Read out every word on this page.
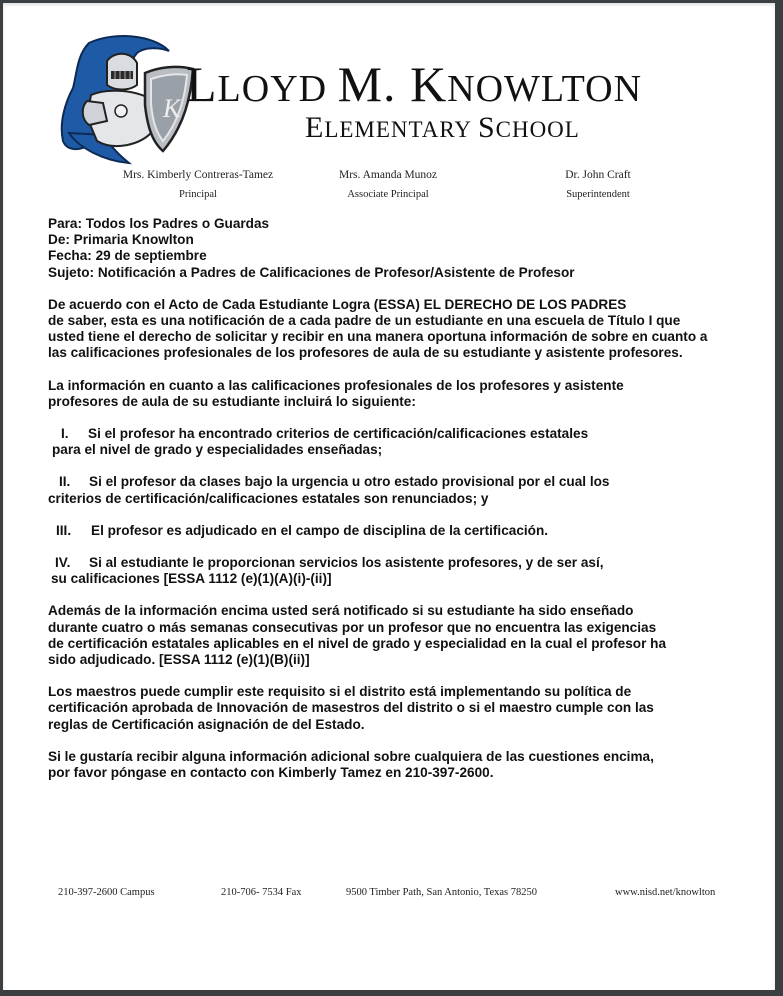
K LLOYD M. KNOWLTON
ELEMENTARY SCHOOL
Mrs. Kimberly Contreras-Tamez
Principal
Mrs. Amanda Munoz
Associate Principal
Dr. John Craft
Superintendent

Para: Todos los Padres o Guardas

De: Primaria Knowlton

Fecha: 29 de septiembre

Sujeto: Notificación a Padres de Calificaciones de Profesor/Asistente de Profesor

De acuerdo con el Acto de Cada Estudiante Logra (ESSA) EL DERECHO DE LOS PADRES

de saber, esta es una notificación de a cada padre de un estudiante en una escuela de Título I que

usted tiene el derecho de solicitar y recibir en una manera oportuna información de sobre en cuanto a

las calificaciones profesionales de los profesores de aula de su estudiante y asistente profesores.

La información en cuanto a las calificaciones profesionales de los profesores y asistente

profesores de aula de su estudiante incluirá lo siguiente:

I. Si el profesor ha encontrado criterios de certificación/calificaciones estatales

para el nivel de grado y especialidades enseñadas;

II. Si el profesor da clases bajo la urgencia u otro estado provisional por el cual los

criterios de certificación/calificaciones estatales son renunciados; y

III. El profesor es adjudicado en el campo de disciplina de la certificación.

IV. Si al estudiante le proporcionan servicios los asistente profesores, y de ser así,

su calificaciones [ESSA 1112 (e)(1)(A)(i)-(ii)]

Además de la información encima usted será notificado si su estudiante ha sido enseñado

durante cuatro o más semanas consecutivas por un profesor que no encuentra las exigencias

de certificación estatales aplicables en el nivel de grado y especialidad en la cual el profesor ha

sido adjudicado. [ESSA 1112 (e)(1)(B)(ii)]

Los maestros puede cumplir este requisito si el distrito está implementando su política de

certificación aprobada de Innovación de masestros del distrito o si el maestro cumple con las

reglas de Certificación asignación de del Estado.

Si le gustaría recibir alguna información adicional sobre cualquiera de las cuestiones encima,

por favor póngase en contacto con Kimberly Tamez en 210-397-2600.

210-397-2600 Campus	210-706- 7534 Fax	9500 Timber Path, San Antonio, Texas 78250	www.nisd.net/knowlton
